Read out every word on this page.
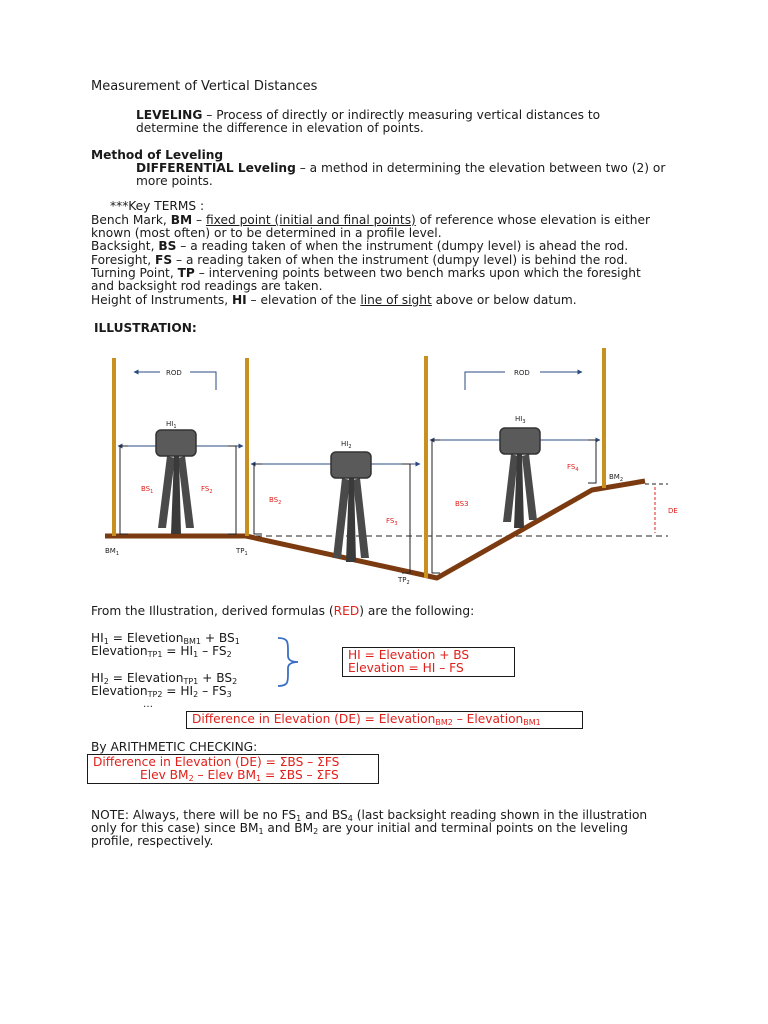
Measurement of Vertical Distances
LEVELING – Process of directly or indirectly measuring vertical distances to
determine the difference in elevation of points.
Method of Leveling
DIFFERENTIAL Leveling – a method in determining the elevation between two (2) or
more points.
***Key TERMS :
Bench Mark, BM – fixed point (initial and final points) of reference whose elevation is either
known (most often) or to be determined in a profile level.
Backsight, BS – a reading taken of when the instrument (dumpy level) is ahead the rod.
Foresight, FS – a reading taken of when the instrument (dumpy level) is behind the rod.
Turning Point, TP – intervening points between two bench marks upon which the foresight
and backsight rod readings are taken.
Height of Instruments, HI – elevation of the line of sight above or below datum.
ILLUSTRATION:
ROD	ROD
$HI_1$
$HI_2$
$HI_3$
$BS_1$	$FS_2$
$BS_2$
$FS_3$
BS3
$FS_4$
$BM_1$	$TP_1$
$TP_2$
$BM_2$
DE
From the Illustration, derived formulas (RED) are the following:
$HI_1$ = Elevetion$_{BM1}$ + $BS_1$
Elevation$_{TP1}$ = $HI_1 - FS_2$
$HI_2$ = Elevation$_{TP1}$ + $BS_2$
Elevation$_{TP2}$ = $HI_2 - FS_3$
…
HI = Elevation + BS
Elevation = HI – FS
Difference in Elevation (DE) = Elevation$_{BM2}$ – Elevation$_{BM1}$
By ARITHMETIC CHECKING:
Difference in Elevation (DE) = ΣBS – ΣFS
Elev $BM_2$ – Elev $BM_1 = \Sigma BS - \Sigma FS$
NOTE: Always, there will be no $FS_1$ and $BS_4$ (last backsight reading shown in the illustration
only for this case) since $BM_1$ and $BM_2$ are your initial and terminal points on the leveling
profile, respectively.
